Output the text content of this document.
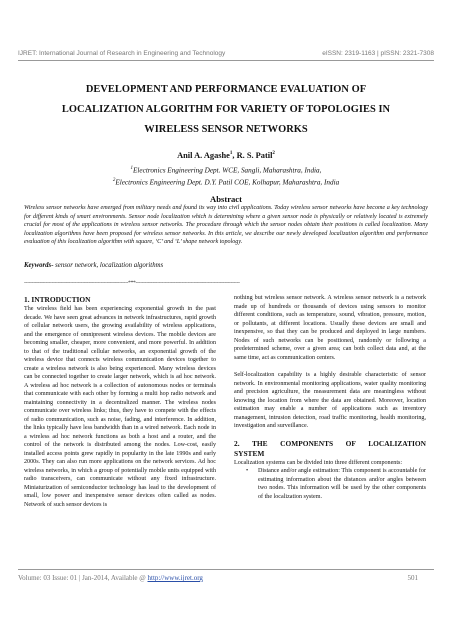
IJRET: International Journal of Research in Engineering and Technology	eISSN: 2319-1163 | pISSN: 2321-7308
DEVELOPMENT AND PERFORMANCE EVALUATION OF
LOCALIZATION ALGORITHM FOR VARIETY OF TOPOLOGIES IN
WIRELESS SENSOR NETWORKS
Anil A. Agashe$^1$, R. S. Patil$^2$
$^1$Electronics Engineering Dept. WCE, Sangli, Maharashtra, India,
$^2$Electronics Engineering Dept. D.Y. Patil COE, Kolhapur, Maharashtra, India
Abstract

Wireless sensor networks have emerged from military needs and found its way into civil applications. Today wireless sensor networks have become a key technology for different kinds of smart environments. Sensor node localization which is determining where a given sensor node is physically or relatively located is extremely crucial for most of the applications in wireless sensor networks. The procedure through which the sensor nodes obtain their positions is called localization. Many localization algorithms have been proposed for wireless sensor networks. In this article, we describe our newly developed localization algorithm and performance evaluation of this localization algorithm with square, ‘C’ and ‘L’ shape network topology.

Keywords- sensor network, localization algorithms

--------------------------------------------------------------------***--------------------------------------------------------------------

1. INTRODUCTION

The wireless field has been experiencing exponential growth in the past decade. We have seen great advances in network infrastructures, rapid growth of cellular network users, the growing availability of wireless applications, and the emergence of omnipresent wireless devices. The mobile devices are becoming smaller, cheaper, more convenient, and more powerful. In addition to that of the traditional cellular networks, an exponential growth of the wireless device that connects wireless communication devices together to create a wireless network is also being experienced. Many wireless devices can be connected together to create larger network, which is ad hoc network. A wireless ad hoc network is a collection of autonomous nodes or terminals that communicate with each other by forming a multi hop radio network and maintaining connectivity in a decentralized manner. The wireless nodes communicate over wireless links; thus, they have to compete with the effects of radio communication, such as noise, fading, and interference. In addition, the links typically have less bandwidth than in a wired network. Each node in a wireless ad hoc network functions as both a host and a router, and the control of the network is distributed among the nodes. Low-cost, easily installed access points grew rapidly in popularity in the late 1990s and early 2000s. They can also run more applications on the network services. Ad hoc wireless networks, in which a group of potentially mobile units equipped with radio transceivers, can communicate without any fixed infrastructure. Miniaturization of semiconductor technology has lead to the development of small, low power and inexpensive sensor devices often called as nodes. Network of such sensor devices is

nothing but wireless sensor network. A wireless sensor network is a network made up of hundreds or thousands of devices using sensors to monitor different conditions, such as temperature, sound, vibration, pressure, motion, or pollutants, at different locations. Usually these devices are small and inexpensive, so that they can be produced and deployed in large numbers. Nodes of such networks can be positioned, randomly or following a predetermined scheme, over a given area; can both collect data and, at the same time, act as communication centers.

Self-localization capability is a highly desirable characteristic of sensor network. In environmental monitoring applications, water quality monitoring and precision agriculture, the measurement data are meaningless without knowing the location from where the data are obtained. Moreover, location estimation may enable a number of applications such as inventory management, intrusion detection, road traffic monitoring, health monitoring, investigation and surveillance.

2. THE COMPONENTS OF LOCALIZATION

SYSTEM

Localization systems can be divided into three different components:

• Distance and/or angle estimation: This component is accountable for estimating information about the distances and/or angles between two nodes. This information will be used by the other components of the localization system.
Volume: 03 Issue: 01 | Jan-2014, Available @ http://www.ijret.org	501
